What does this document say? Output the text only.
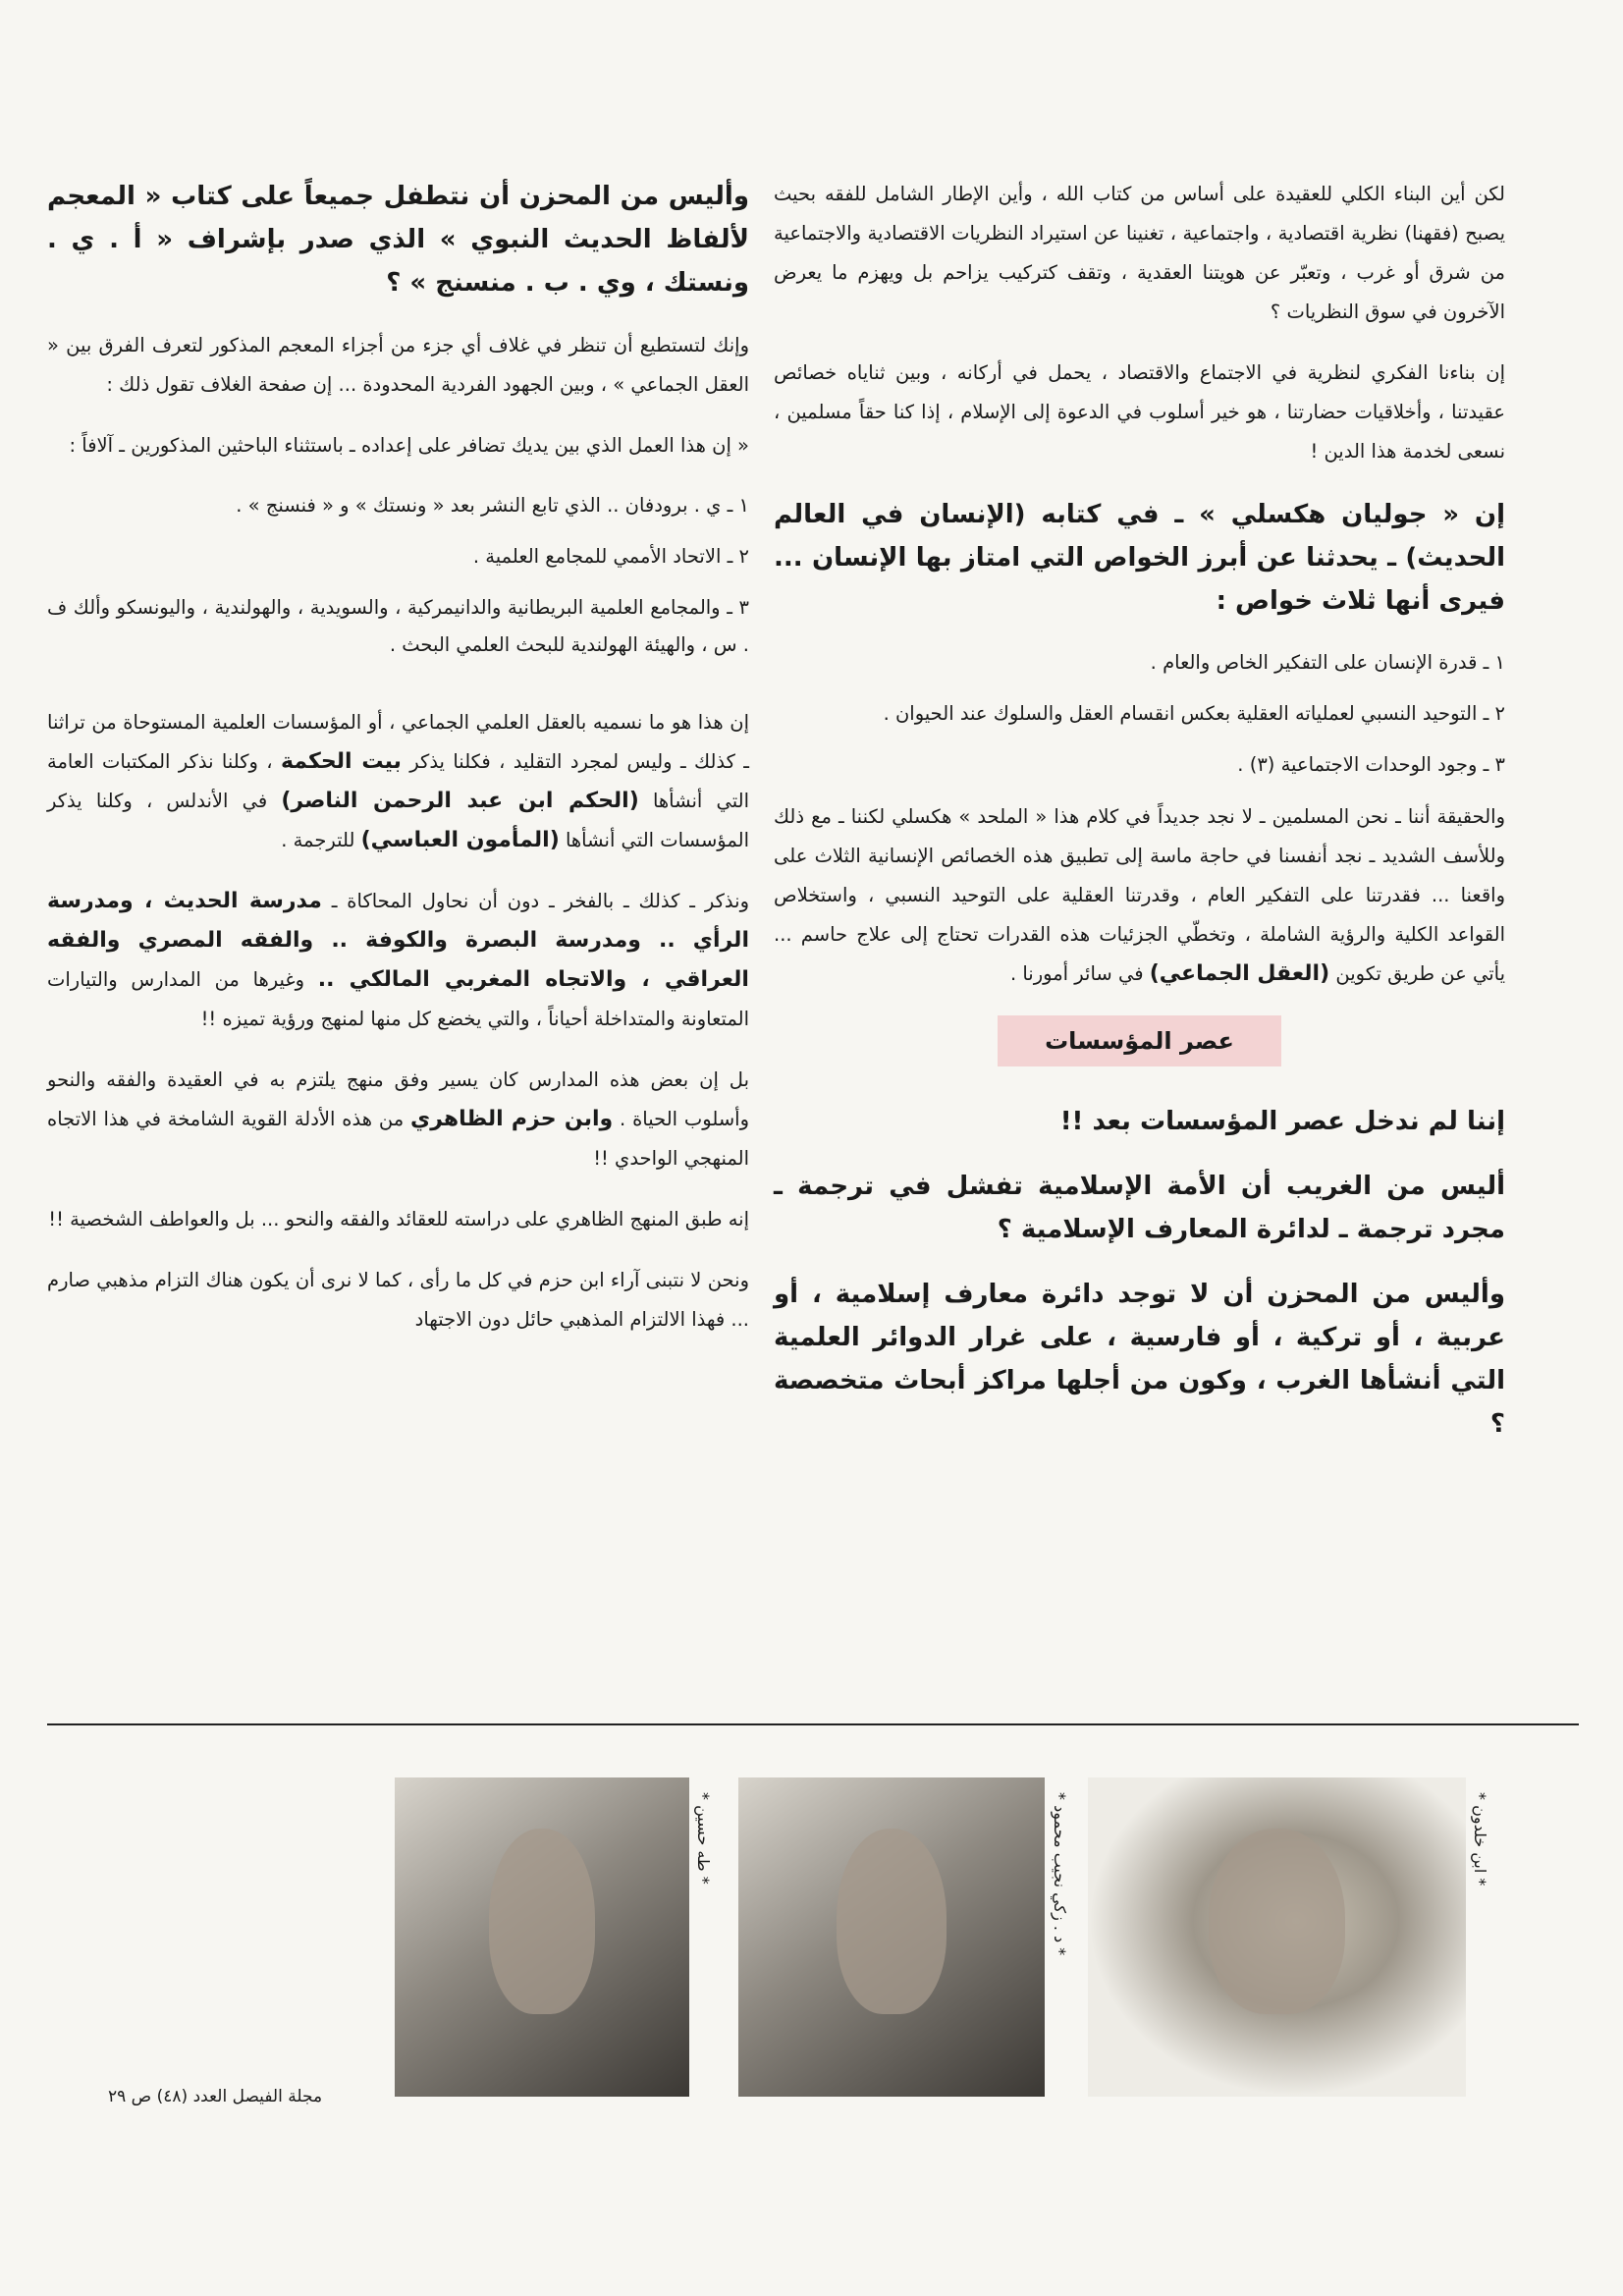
لكن أين البناء الكلي للعقيدة على أساس من كتاب الله ، وأين الإطار الشامل للفقه بحيث يصبح (فقهنا) نظرية اقتصادية ، واجتماعية ، تغنينا عن استيراد النظريات الاقتصادية والاجتماعية من شرق أو غرب ، وتعبّر عن هويتنا العقدية ، وتقف كتركيب يزاحم بل ويهزم ما يعرض الآخرون في سوق النظريات ؟

إن بناءنا الفكري لنظرية في الاجتماع والاقتصاد ، يحمل في أركانه ، وبين ثناياه خصائص عقيدتنا ، وأخلاقيات حضارتنا ، هو خير أسلوب في الدعوة إلى الإسلام ، إذا كنا حقاً مسلمين ، نسعى لخدمة هذا الدين !

إن « جوليان هكسلي » ـ في كتابه (الإنسان في العالم الحديث) ـ يحدثنا عن أبرز الخواص التي امتاز بها الإنسان ... فيرى أنها ثلاث خواص :

١ ـ قدرة الإنسان على التفكير الخاص والعام .
٢ ـ التوحيد النسبي لعملياته العقلية بعكس انقسام العقل والسلوك عند الحيوان .
٣ ـ وجود الوحدات الاجتماعية (٣) .

والحقيقة أننا ـ نحن المسلمين ـ لا نجد جديداً في كلام هذا « الملحد » هكسلي لكننا ـ مع ذلك وللأسف الشديد ـ نجد أنفسنا في حاجة ماسة إلى تطبيق هذه الخصائص الإنسانية الثلاث على واقعنا ... فقدرتنا على التفكير العام ، وقدرتنا العقلية على التوحيد النسبي ، واستخلاص القواعد الكلية والرؤية الشاملة ، وتخطّي الجزئيات هذه القدرات تحتاج إلى علاج حاسم ... يأتي عن طريق تكوين (العقل الجماعي) في سائر أمورنا .

عصر المؤسسات

إننا لم ندخل عصر المؤسسات بعد !!

أليس من الغريب أن الأمة الإسلامية تفشل في ترجمة ـ مجرد ترجمة ـ لدائرة المعارف الإسلامية ؟

وأليس من المحزن أن لا توجد دائرة معارف إسلامية ، أو عربية ، أو تركية ، أو فارسية ، على غرار الدوائر العلمية التي أنشأها الغرب ، وكون من أجلها مراكز أبحاث متخصصة ؟

وأليس من المحزن أن نتطفل جميعاً على كتاب « المعجم لألفاظ الحديث النبوي » الذي صدر بإشراف « أ . ي . ونستك ، وي . ب . منسنج » ؟

وإنك لتستطيع أن تنظر في غلاف أي جزء من أجزاء المعجم المذكور لتعرف الفرق بين « العقل الجماعي » ، وبين الجهود الفردية المحدودة ... إن صفحة الغلاف تقول ذلك :

« إن هذا العمل الذي بين يديك تضافر على إعداده ـ باستثناء الباحثين المذكورين ـ آلافاً :

١ ـ ي . برودفان .. الذي تابع النشر بعد « ونستك » و « فنسنج » .
٢ ـ الاتحاد الأممي للمجامع العلمية .
٣ ـ والمجامع العلمية البريطانية والدانيمركية ، والسويدية ، والهولندية ، واليونسكو وألك ف . س ، والهيئة الهولندية للبحث العلمي البحث .

إن هذا هو ما نسميه بالعقل العلمي الجماعي ، أو المؤسسات العلمية المستوحاة من تراثنا ـ كذلك ـ وليس لمجرد التقليد ، فكلنا يذكر بيت الحكمة ، وكلنا نذكر المكتبات العامة التي أنشأها (الحكم ابن عبد الرحمن الناصر) في الأندلس ، وكلنا يذكر المؤسسات التي أنشأها (المأمون العباسي) للترجمة .

ونذكر ـ كذلك ـ بالفخر ـ دون أن نحاول المحاكاة ـ مدرسة الحديث ، ومدرسة الرأي .. ومدرسة البصرة والكوفة .. والفقه المصري والفقه العراقي ، والاتجاه المغربي المالكي .. وغيرها من المدارس والتيارات المتعاونة والمتداخلة أحياناً ، والتي يخضع كل منها لمنهج ورؤية تميزه !!

بل إن بعض هذه المدارس كان يسير وفق منهج يلتزم به في العقيدة والفقه والنحو وأسلوب الحياة . وابن حزم الظاهري من هذه الأدلة القوية الشامخة في هذا الاتجاه المنهجي الواحدي !!

إنه طبق المنهج الظاهري على دراسته للعقائد والفقه والنحو ... بل والعواطف الشخصية !!

ونحن لا نتبنى آراء ابن حزم في كل ما رأى ، كما لا نرى أن يكون هناك التزام مذهبي صارم ... فهذا الالتزام المذهبي حائل دون الاجتهاد

* ابن خلدون *
* د . زكي نجيب محمود *
* طه حسين *
مجلة الفيصل العدد (٤٨) ص ٢٩
